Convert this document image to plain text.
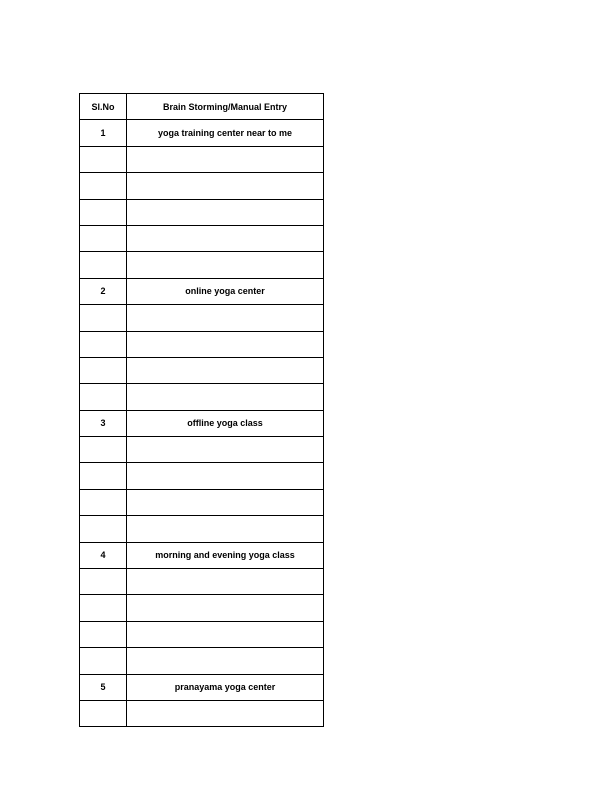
Sl.No	Brain Storming/Manual Entry
1	yoga training center near to me

2	online yoga center

3	offline yoga class

4	morning and evening yoga class

5	pranayama yoga center
